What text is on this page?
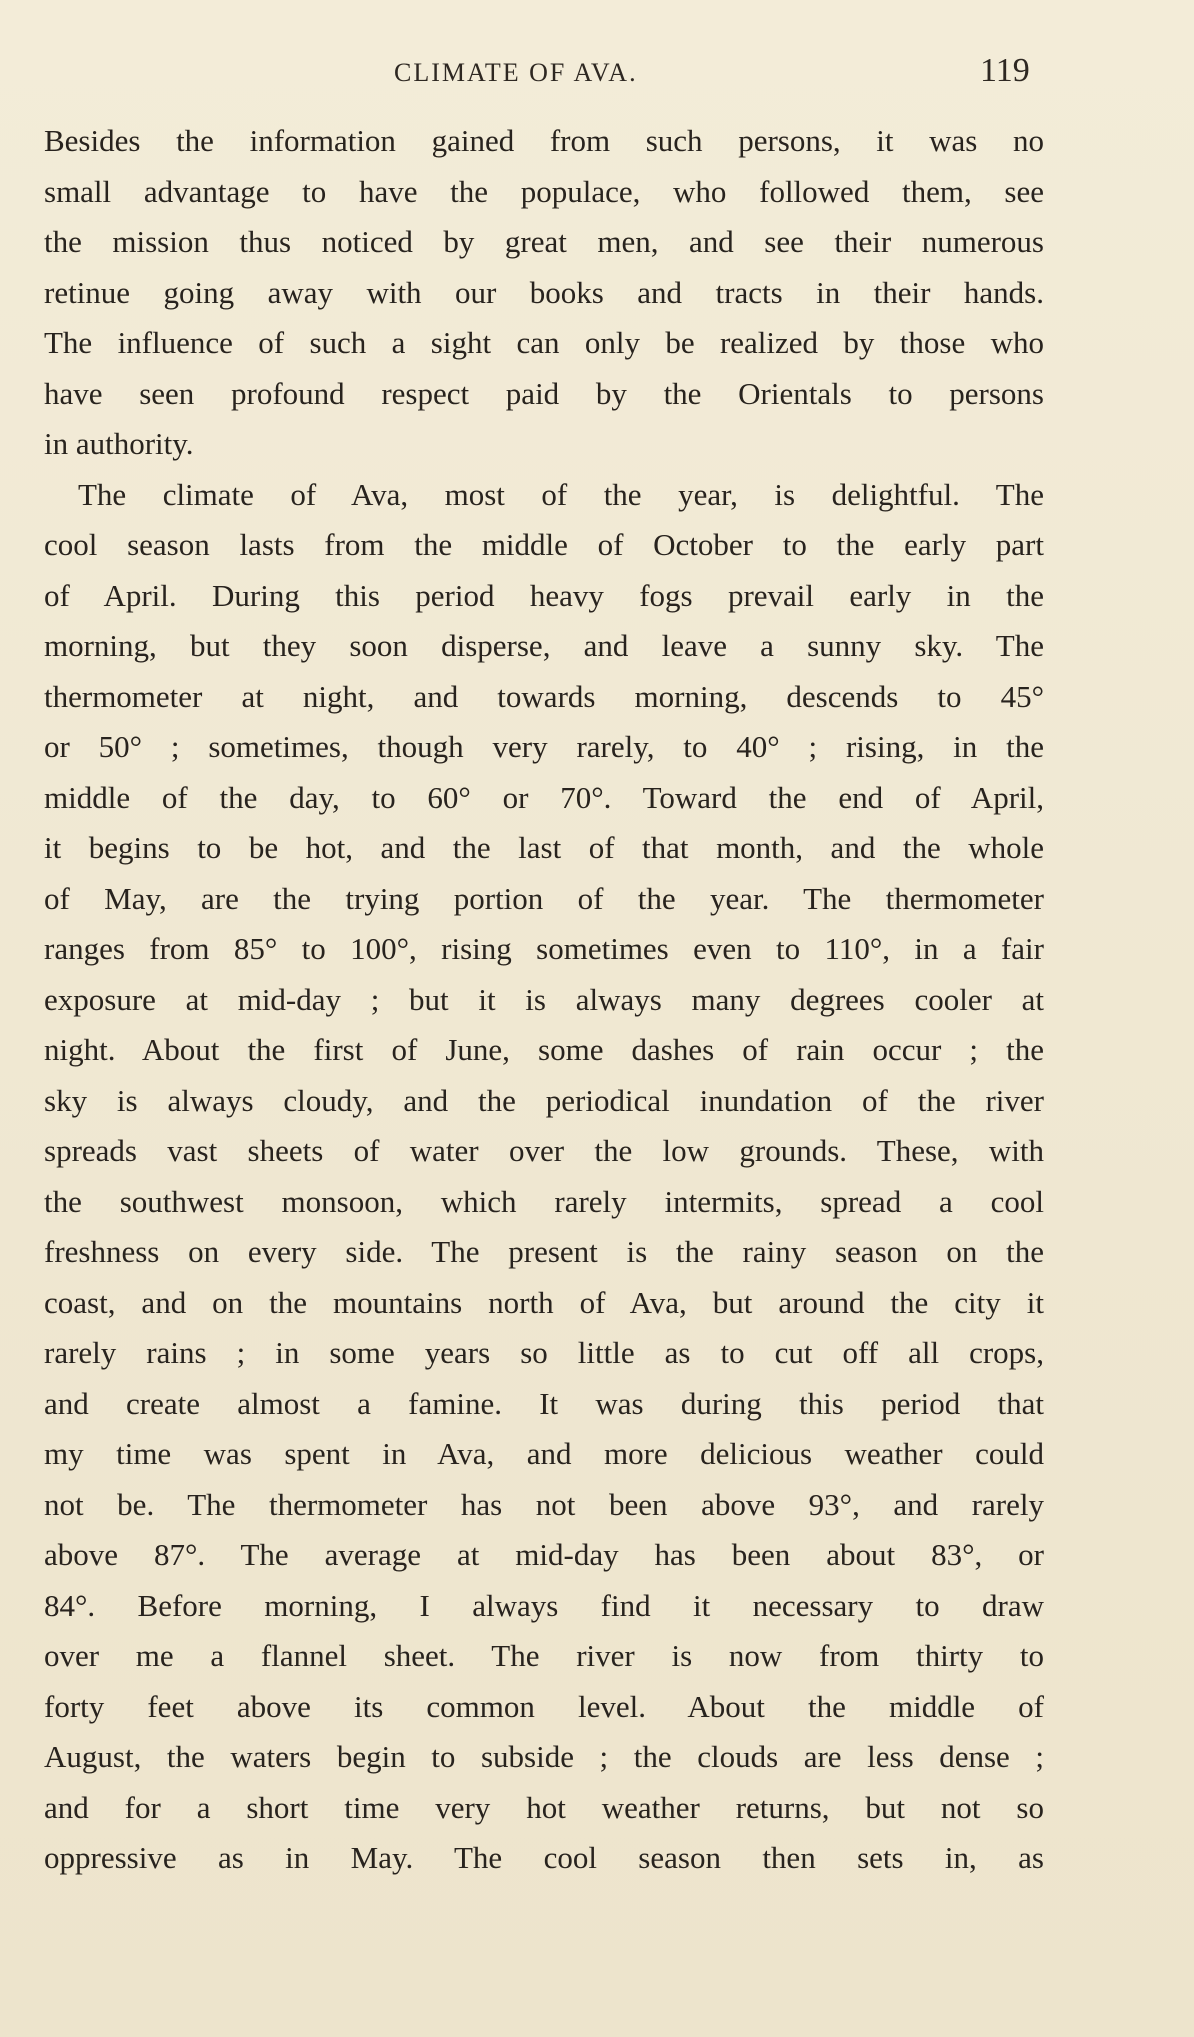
CLIMATE OF AVA.	119
Besides the information gained from such persons, it was no
small advantage to have the populace, who followed them, see
the mission thus noticed by great men, and see their numerous
retinue going away with our books and tracts in their hands.
The influence of such a sight can only be realized by those who
have seen profound respect paid by the Orientals to persons
in authority.
The climate of Ava, most of the year, is delightful. The
cool season lasts from the middle of October to the early part
of April. During this period heavy fogs prevail early in the
morning, but they soon disperse, and leave a sunny sky. The
thermometer at night, and towards morning, descends to 45°
or 50° ; sometimes, though very rarely, to 40° ; rising, in the
middle of the day, to 60° or 70°. Toward the end of April,
it begins to be hot, and the last of that month, and the whole
of May, are the trying portion of the year. The thermometer
ranges from 85° to 100°, rising sometimes even to 110°, in a fair
exposure at mid-day ; but it is always many degrees cooler at
night. About the first of June, some dashes of rain occur ; the
sky is always cloudy, and the periodical inundation of the river
spreads vast sheets of water over the low grounds. These, with
the southwest monsoon, which rarely intermits, spread a cool
freshness on every side. The present is the rainy season on the
coast, and on the mountains north of Ava, but around the city it
rarely rains ; in some years so little as to cut off all crops,
and create almost a famine. It was during this period that
my time was spent in Ava, and more delicious weather could
not be. The thermometer has not been above 93°, and rarely
above 87°. The average at mid-day has been about 83°, or
84°. Before morning, I always find it necessary to draw
over me a flannel sheet. The river is now from thirty to
forty feet above its common level. About the middle of
August, the waters begin to subside ; the clouds are less dense ;
and for a short time very hot weather returns, but not so
oppressive as in May. The cool season then sets in, as
